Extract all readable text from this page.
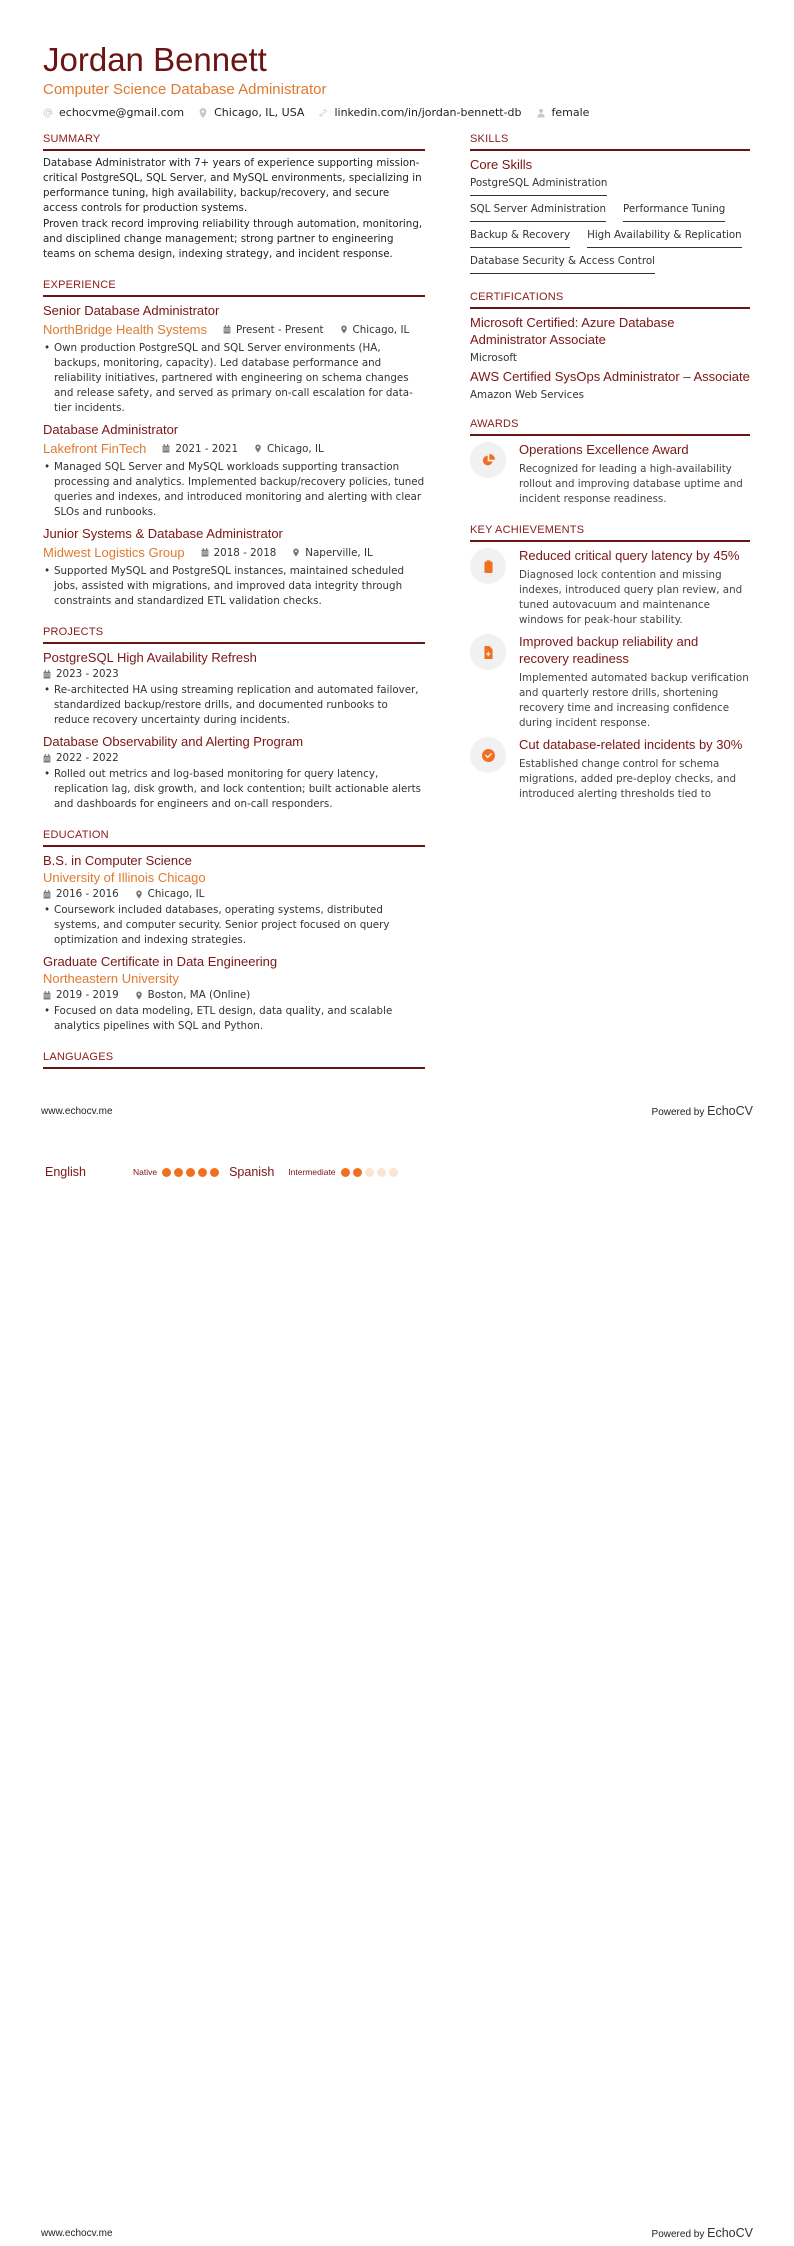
Jordan Bennett
Computer Science Database Administrator
echocvme@gmail.com	Chicago, IL, USA	linkedin.com/in/jordan-bennett-db	female
SUMMARY

Database Administrator with 7+ years of experience supporting mission-critical PostgreSQL, SQL Server, and MySQL environments, specializing in performance tuning, high availability, backup/recovery, and secure access controls for production systems.

Proven track record improving reliability through automation, monitoring, and disciplined change management; strong partner to engineering teams on schema design, indexing strategy, and incident response.

EXPERIENCE
Senior Database Administrator
NorthBridge Health Systems	Present - Present	Chicago, IL
• Own production PostgreSQL and SQL Server environments (HA, backups, monitoring, capacity). Led database performance and reliability initiatives, partnered with engineering on schema changes and release safety, and served as primary on-call escalation for data-tier incidents.
Database Administrator
Lakefront FinTech	2021 - 2021	Chicago, IL
• Managed SQL Server and MySQL workloads supporting transaction processing and analytics. Implemented backup/recovery policies, tuned queries and indexes, and introduced monitoring and alerting with clear SLOs and runbooks.
Junior Systems & Database Administrator
Midwest Logistics Group	2018 - 2018	Naperville, IL
• Supported MySQL and PostgreSQL instances, maintained scheduled jobs, assisted with migrations, and improved data integrity through constraints and standardized ETL validation checks.
PROJECTS
PostgreSQL High Availability Refresh
2023 - 2023
• Re-architected HA using streaming replication and automated failover, standardized backup/restore drills, and documented runbooks to reduce recovery uncertainty during incidents.
Database Observability and Alerting Program
2022 - 2022
• Rolled out metrics and log-based monitoring for query latency, replication lag, disk growth, and lock contention; built actionable alerts and dashboards for engineers and on-call responders.
EDUCATION
B.S. in Computer Science
University of Illinois Chicago
2016 - 2016	Chicago, IL
• Coursework included databases, operating systems, distributed systems, and computer security. Senior project focused on query optimization and indexing strategies.
Graduate Certificate in Data Engineering
Northeastern University
2019 - 2019	Boston, MA (Online)
• Focused on data modeling, ETL design, data quality, and scalable analytics pipelines with SQL and Python.
LANGUAGES
SKILLS
Core Skills
PostgreSQL Administration
SQL Server Administration Performance Tuning
Backup & Recovery High Availability & Replication
Database Security & Access Control
CERTIFICATIONS
Microsoft Certified: Azure Database Administrator Associate
Microsoft
AWS Certified SysOps Administrator – Associate
Amazon Web Services
AWARDS
Operations Excellence Award
Recognized for leading a high-availability rollout and improving database uptime and incident response readiness.
KEY ACHIEVEMENTS
Reduced critical query latency by 45%
Diagnosed lock contention and missing indexes, introduced query plan review, and tuned autovacuum and maintenance windows for peak-hour stability.
Improved backup reliability and recovery readiness
Implemented automated backup verification and quarterly restore drills, shortening recovery time and increasing confidence during incident response.
Cut database-related incidents by 30%
Established change control for schema migrations, added pre-deploy checks, and introduced alerting thresholds tied to
www.echocv.me	Powered by EchoCV
English	Native	Spanish Intermediate
www.echocv.me	Powered by EchoCV
